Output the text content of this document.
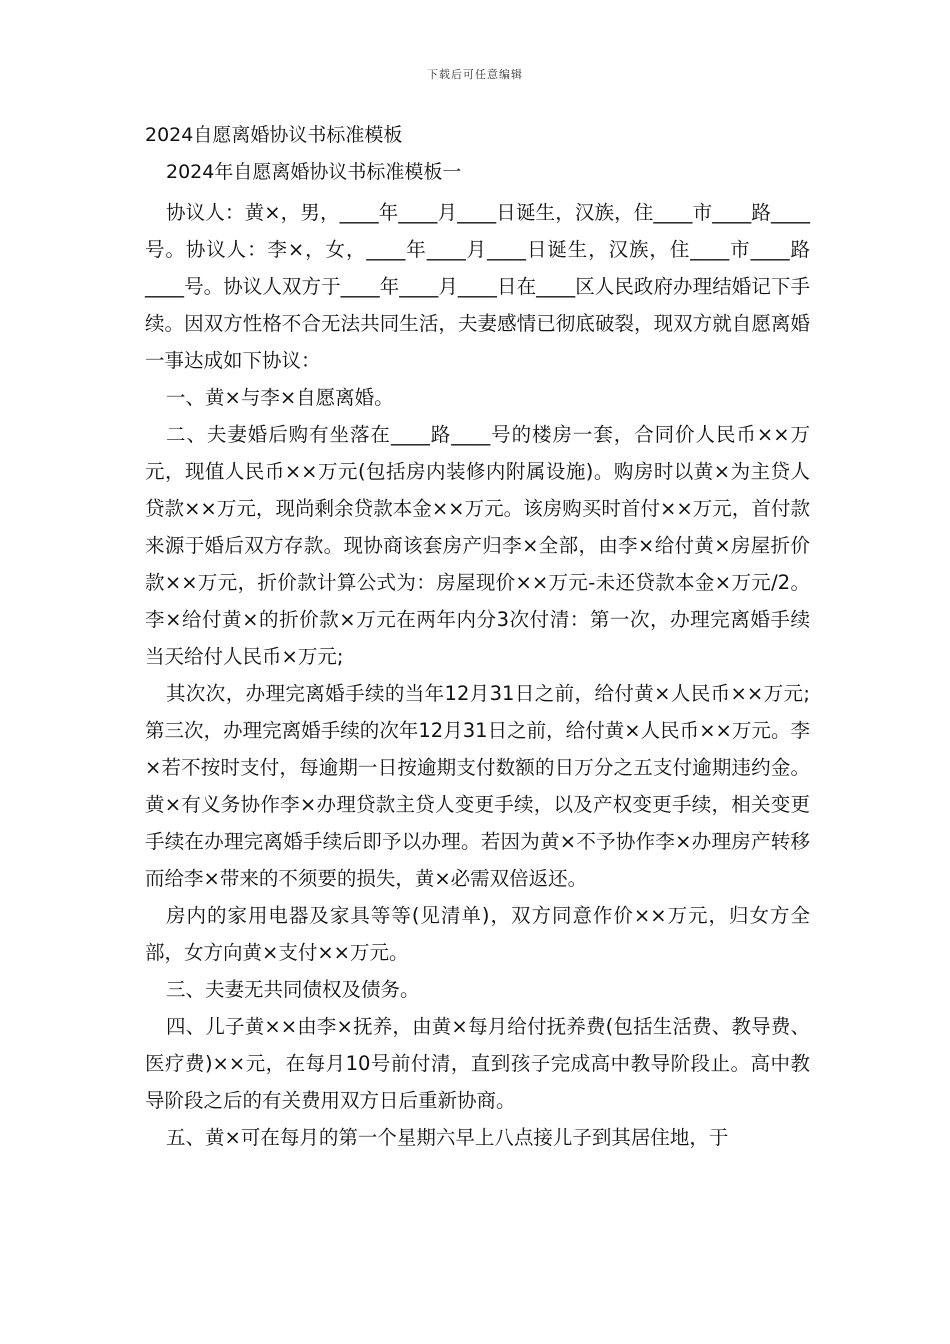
下载后可任意编辑
2024自愿离婚协议书标准模板
2024年自愿离婚协议书标准模板一

协议人：黄×，男，____年____月____日诞生，汉族，住____市____路____号。协议人：李×，女，____年____月____日诞生，汉族，住____市____路____号。协议人双方于____年____月____日在____区人民政府办理结婚记下手续。因双方性格不合无法共同生活，夫妻感情已彻底破裂，现双方就自愿离婚一事达成如下协议：

一、黄×与李×自愿离婚。

二、夫妻婚后购有坐落在____路____号的楼房一套，合同价人民币××万元，现值人民币××万元(包括房内装修内附属设施)。购房时以黄×为主贷人贷款××万元，现尚剩余贷款本金××万元。该房购买时首付××万元，首付款来源于婚后双方存款。现协商该套房产归李×全部，由李×给付黄×房屋折价款××万元，折价款计算公式为：房屋现价××万元-未还贷款本金×万元/2。李×给付黄×的折价款×万元在两年内分3次付清：第一次，办理完离婚手续当天给付人民币×万元;

其次次，办理完离婚手续的当年12月31日之前，给付黄×人民币××万元;第三次，办理完离婚手续的次年12月31日之前，给付黄×人民币××万元。李×若不按时支付，每逾期一日按逾期支付数额的日万分之五支付逾期违约金。黄×有义务协作李×办理贷款主贷人变更手续，以及产权变更手续，相关变更手续在办理完离婚手续后即予以办理。若因为黄×不予协作李×办理房产转移而给李×带来的不须要的损失，黄×必需双倍返还。

房内的家用电器及家具等等(见清单)，双方同意作价××万元，归女方全部，女方向黄×支付××万元。

三、夫妻无共同债权及债务。

四、儿子黄××由李×抚养，由黄×每月给付抚养费(包括生活费、教导费、医疗费)××元，在每月10号前付清，直到孩子完成高中教导阶段止。高中教导阶段之后的有关费用双方日后重新协商。

五、黄×可在每月的第一个星期六早上八点接儿子到其居住地，于
